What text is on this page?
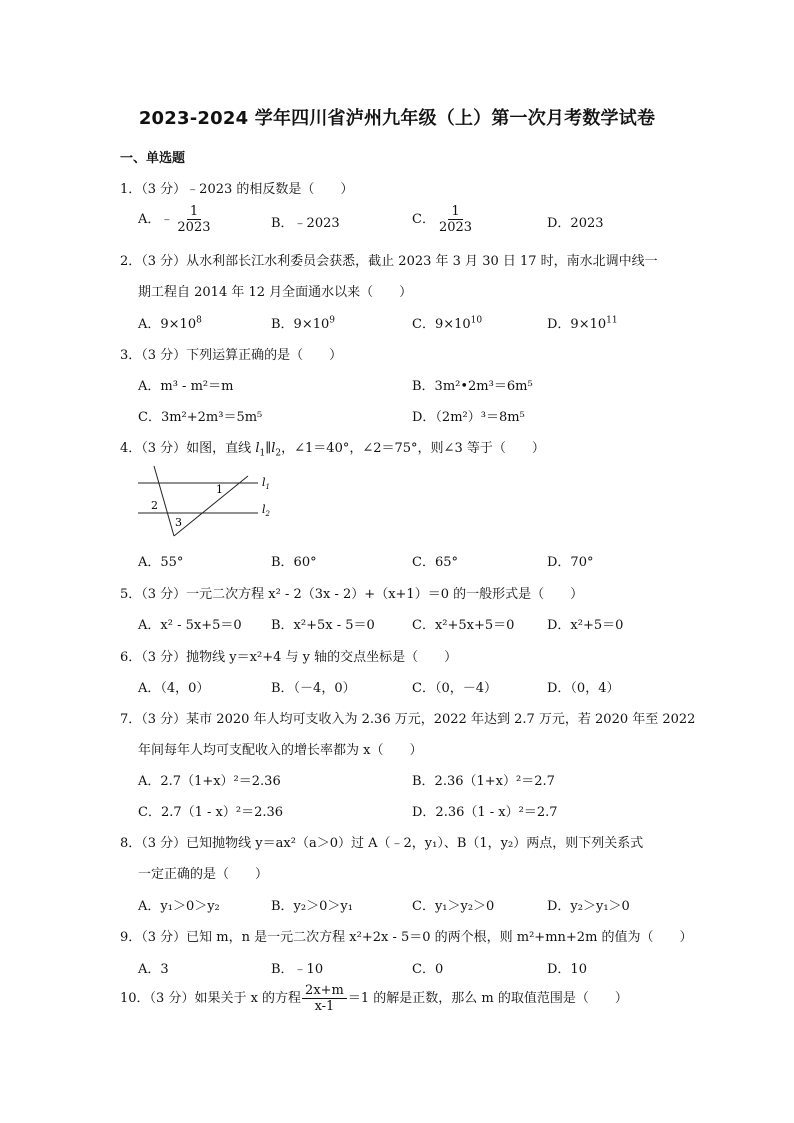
2023-2024 学年四川省泸州九年级（上）第一次月考数学试卷
一、单选题
1．（3 分）﹣2023 的相反数是（　　）
A．﹣ $\frac{1}{2023}$	B．﹣2023	C． $\frac{1}{2023}$	D．2023
2．（3 分）从水利部长江水利委员会获悉，截止 2023 年 3 月 30 日 17 时，南水北调中线一
期工程自 2014 年 12 月全面通水以来（　　）
A．$9\times 10^8$	B．$9\times 10^9$	C．$9\times 10^{10}$	D．$9\times 10^{11}$
3．（3 分）下列运算正确的是（　　）
A．m³ - m²＝m	B．3m²•2m³＝6m⁵
C．3m²+2m³＝5m⁵	D．（2m²）³＝8m⁵
4．（3 分）如图，直线 $l_1\parallel l_2$，∠1＝40°，∠2＝75°，则∠3 等于（　　）
1
2
3
$l_1$
$l_2$
A．55°	B．60°	C．65°	D．70°
5．（3 分）一元二次方程 x² - 2（3x - 2）+（x+1）＝0 的一般形式是（　　）
A．x² - 5x+5＝0 B．x²+5x - 5＝0	C．x²+5x+5＝0	D．x²+5＝0
6．（3 分）抛物线 y＝x²+4 与 y 轴的交点坐标是（　　）
A．（4，0）	B．（－4，0）	C．（0，－4）	D．（0，4）
7．（3 分）某市 2020 年人均可支收入为 2.36 万元，2022 年达到 2.7 万元，若 2020 年至 2022
年间每年人均可支配收入的增长率都为 x（　　）
A．2.7（1+x）²＝2.36	B．2.36（1+x）²＝2.7
C．2.7（1 - x）²＝2.36	D．2.36（1 - x）²＝2.7
8．（3 分）已知抛物线 y＝ax²（a＞0）过 A（﹣2，y₁）、B（1，y₂）两点，则下列关系式
一定正确的是（　　）
A．y₁＞0＞y₂	B．y₂＞0＞y₁	C．y₁＞y₂＞0	D．y₂＞y₁＞0
9．（3 分）已知 m，n 是一元二次方程 x²+2x - 5＝0 的两个根，则 m²+mn+2m 的值为（　　）
A．3	B．﹣10	C．0	D．10
10．（3 分）如果关于 x 的方程 $\frac{2x+m}{x-1} =1$ 的解是正数，那么 m 的取值范围是（　　）
